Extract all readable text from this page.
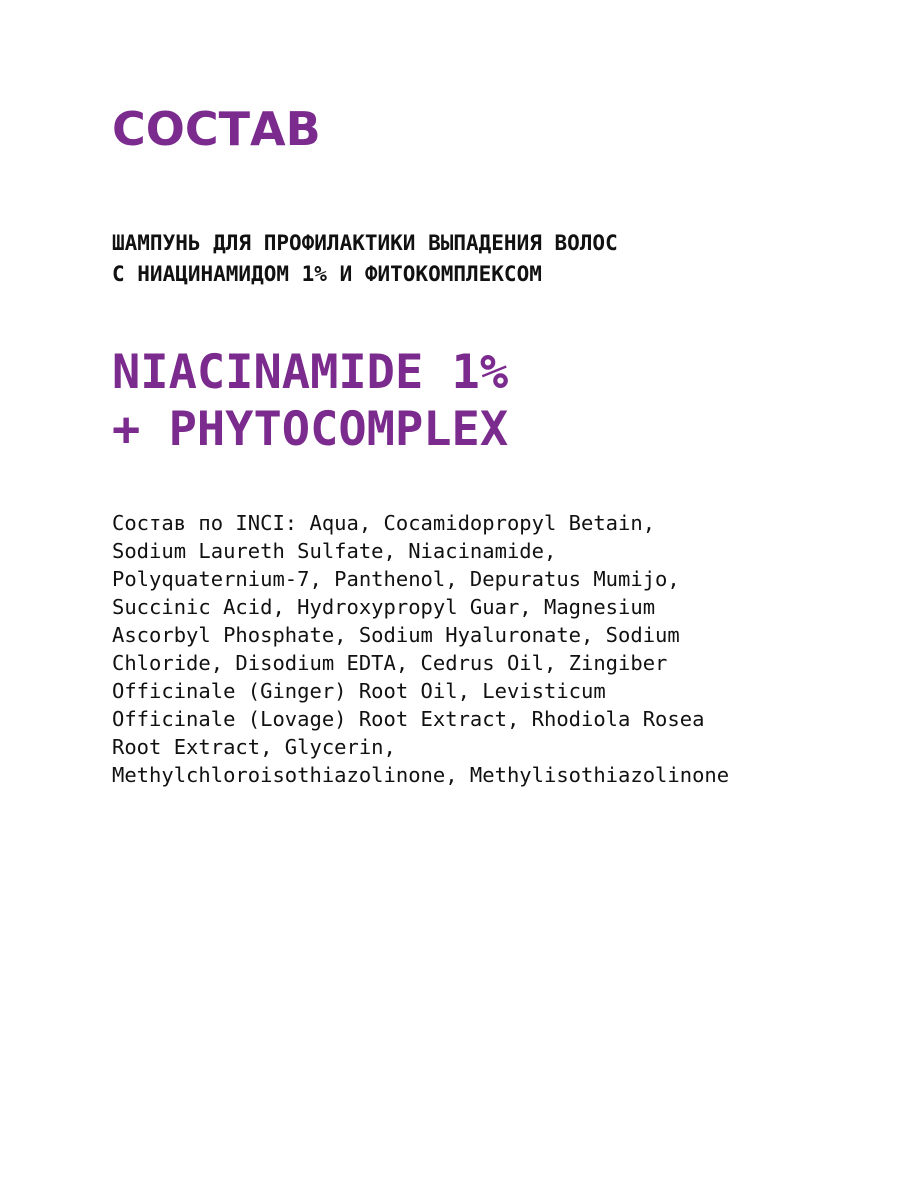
СОСТАВ
ШАМПУНЬ ДЛЯ ПРОФИЛАКТИКИ ВЫПАДЕНИЯ ВОЛОС
С НИАЦИНАМИДОМ 1% И ФИТОКОМПЛЕКСОМ
NIACINAMIDE 1%
+ PHYTOCOMPLEX
Состав по INCI: Aqua, Cocamidopropyl Betain,
Sodium Laureth Sulfate, Niacinamide,
Polyquaternium-7, Panthenol, Depuratus Mumijo,
Succinic Acid, Hydroxypropyl Guar, Magnesium
Ascorbyl Phosphate, Sodium Hyaluronate, Sodium
Chloride, Disodium EDTA, Cedrus Oil, Zingiber
Officinale (Ginger) Root Oil, Levisticum
Officinale (Lovage) Root Extract, Rhodiola Rosea
Root Extract, Glycerin,
Methylchloroisothiazolinone, Methylisothiazolinone
